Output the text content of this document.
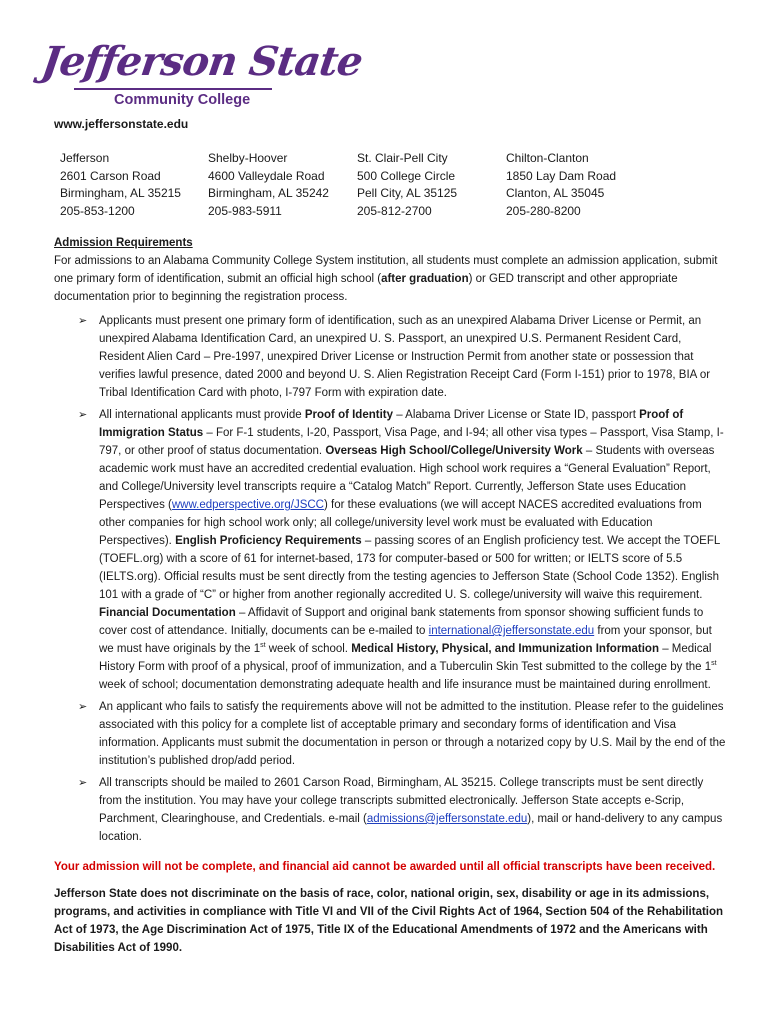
Jefferson State
Community College
www.jeffersonstate.edu
Jefferson
2601 Carson Road
Birmingham, AL 35215
205-853-1200
Shelby-Hoover
4600 Valleydale Road
Birmingham, AL 35242
205-983-5911
St. Clair-Pell City
500 College Circle
Pell City, AL 35125
205-812-2700
Chilton-Clanton
1850 Lay Dam Road
Clanton, AL 35045
205-280-8200
Admission Requirements

For admissions to an Alabama Community College System institution, all students must complete an admission application, submit one primary form of identification, submit an official high school (after graduation) or GED transcript and other appropriate documentation prior to beginning the registration process.

➢ Applicants must present one primary form of identification, such as an unexpired Alabama Driver License or Permit, an unexpired Alabama Identification Card, an unexpired U. S. Passport, an unexpired U.S. Permanent Resident Card, Resident Alien Card – Pre-1997, unexpired Driver License or Instruction Permit from another state or possession that verifies lawful presence, dated 2000 and beyond U. S. Alien Registration Receipt Card (Form I-151) prior to 1978, BIA or Tribal Identification Card with photo, I-797 Form with expiration date.
➢ All international applicants must provide Proof of Identity – Alabama Driver License or State ID, passport Proof of Immigration Status – For F-1 students, I-20, Passport, Visa Page, and I-94; all other visa types – Passport, Visa Stamp, I-797, or other proof of status documentation. Overseas High School/College/University Work – Students with overseas academic work must have an accredited credential evaluation. High school work requires a “General Evaluation” Report, and College/University level transcripts require a “Catalog Match” Report. Currently, Jefferson State uses Education Perspectives (www.edperspective.org/JSCC) for these evaluations (we will accept NACES accredited evaluations from other companies for high school work only; all college/university level work must be evaluated with Education Perspectives). English Proficiency Requirements – passing scores of an English proficiency test. We accept the TOEFL (TOEFL.org) with a score of 61 for internet-based, 173 for computer-based or 500 for written; or IELTS score of 5.5 (IELTS.org). Official results must be sent directly from the testing agencies to Jefferson State (School Code 1352). English 101 with a grade of “C” or higher from another regionally accredited U. S. college/university will waive this requirement. Financial Documentation – Affidavit of Support and original bank statements from sponsor showing sufficient funds to cover cost of attendance. Initially, documents can be e-mailed to international@jeffersonstate.edu from your sponsor, but we must have originals by the 1st week of school. Medical History, Physical, and Immunization Information – Medical History Form with proof of a physical, proof of immunization, and a Tuberculin Skin Test submitted to the college by the 1st week of school; documentation demonstrating adequate health and life insurance must be maintained during enrollment.
➢ An applicant who fails to satisfy the requirements above will not be admitted to the institution. Please refer to the guidelines associated with this policy for a complete list of acceptable primary and secondary forms of identification and Visa information. Applicants must submit the documentation in person or through a notarized copy by U.S. Mail by the end of the institution’s published drop/add period.
➢ All transcripts should be mailed to 2601 Carson Road, Birmingham, AL 35215. College transcripts must be sent directly from the institution. You may have your college transcripts submitted electronically. Jefferson State accepts e-Scrip, Parchment, Clearinghouse, and Credentials. e-mail (admissions@jeffersonstate.edu), mail or hand-delivery to any campus location.
Your admission will not be complete, and financial aid cannot be awarded until all official transcripts have been received.
Jefferson State does not discriminate on the basis of race, color, national origin, sex, disability or age in its admissions, programs, and activities in compliance with Title VI and VII of the Civil Rights Act of 1964, Section 504 of the Rehabilitation Act of 1973, the Age Discrimination Act of 1975, Title IX of the Educational Amendments of 1972 and the Americans with Disabilities Act of 1990.
